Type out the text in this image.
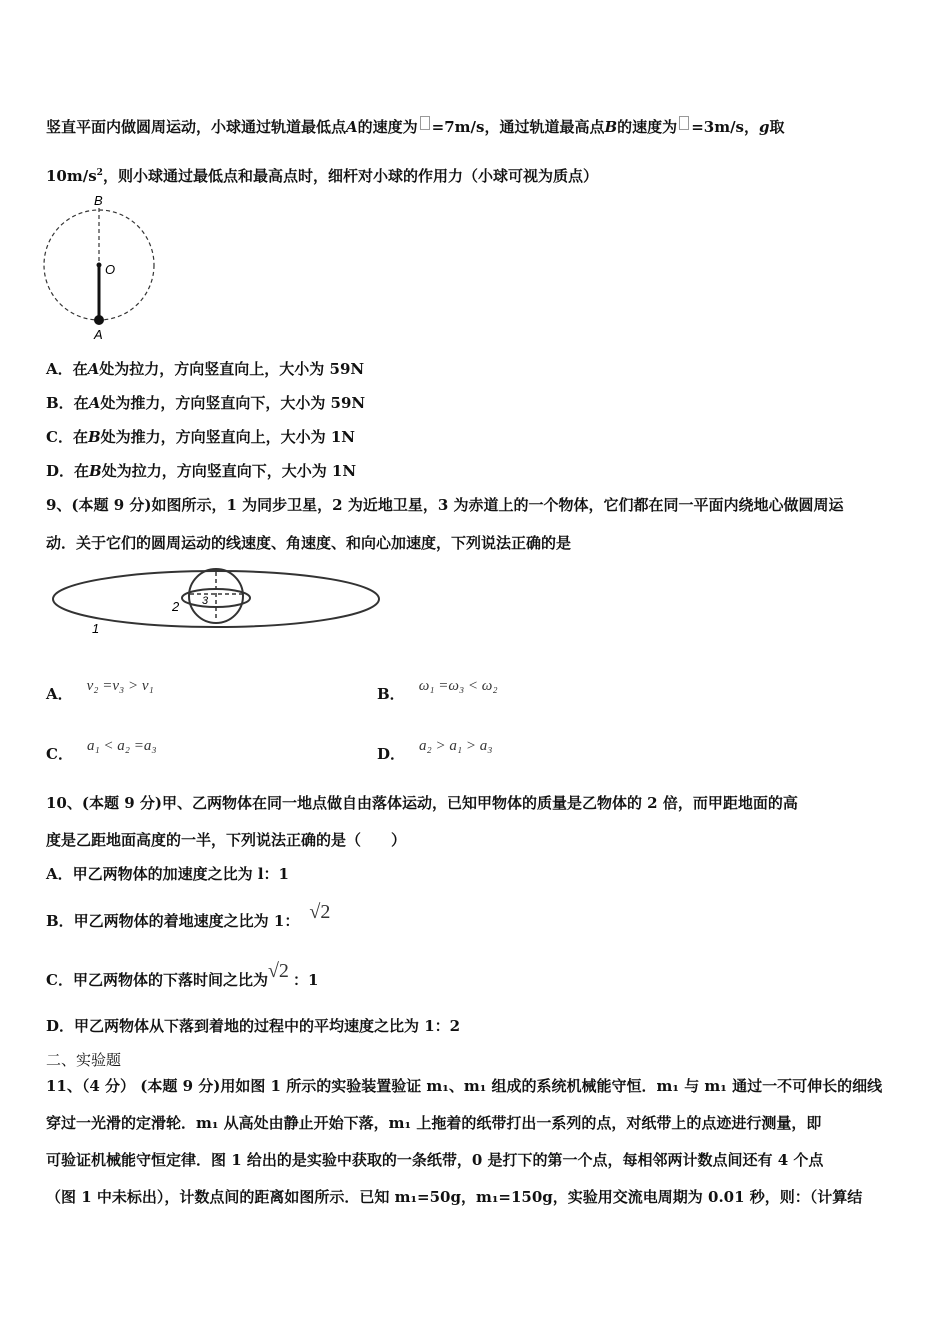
竖直平面内做圆周运动，小球通过轨道最低点A的速度为 =7m/s，通过轨道最高点B的速度为 =3m/s，g取
$10m/s^2$，则小球通过最低点和最高点时，细杆对小球的作用力（小球可视为质点）
B
O
A
A．在A处为拉力，方向竖直向上，大小为 59N
B．在A处为推力，方向竖直向下，大小为 59N
C．在B处为推力，方向竖直向上，大小为 1N
D．在B处为拉力，方向竖直向下，大小为 1N
9、(本题 9 分)如图所示，1 为同步卫星，2 为近地卫星，3 为赤道上的一个物体，它们都在同一平面内绕地心做圆周运
动．关于它们的圆周运动的线速度、角速度、和向心加速度，下列说法正确的是
1
2 3
A． v₂ =v₃ > v₁	B． ω₁ =ω₃ < ω₂
C． a₁ < a₂ =a₃	D． a₂ > a₁ > a₃
10、(本题 9 分)甲、乙两物体在同一地点做自由落体运动，已知甲物体的质量是乙物体的 2 倍，而甲距地面的高
度是乙距地面高度的一半，下列说法正确的是（　　）
A．甲乙两物体的加速度之比为 l：1
B．甲乙两物体的着地速度之比为 1： √2
C．甲乙两物体的下落时间之比为√2 ：1
D．甲乙两物体从下落到着地的过程中的平均速度之比为 1：2
二、实验题
11、（4 分） (本题 9 分)用如图 1 所示的实验装置验证 m₁、m₁ 组成的系统机械能守恒．m₁ 与 m₁ 通过一不可伸长的细线
穿过一光滑的定滑轮．m₁ 从高处由静止开始下落，m₁ 上拖着的纸带打出一系列的点，对纸带上的点迹进行测量，即
可验证机械能守恒定律．图 1 给出的是实验中获取的一条纸带，0 是打下的第一个点，每相邻两计数点间还有 4 个点
（图 1 中未标出），计数点间的距离如图所示．已知 m₁=50g，m₁=150g，实验用交流电周期为 0.01 秒，则：（计算结
